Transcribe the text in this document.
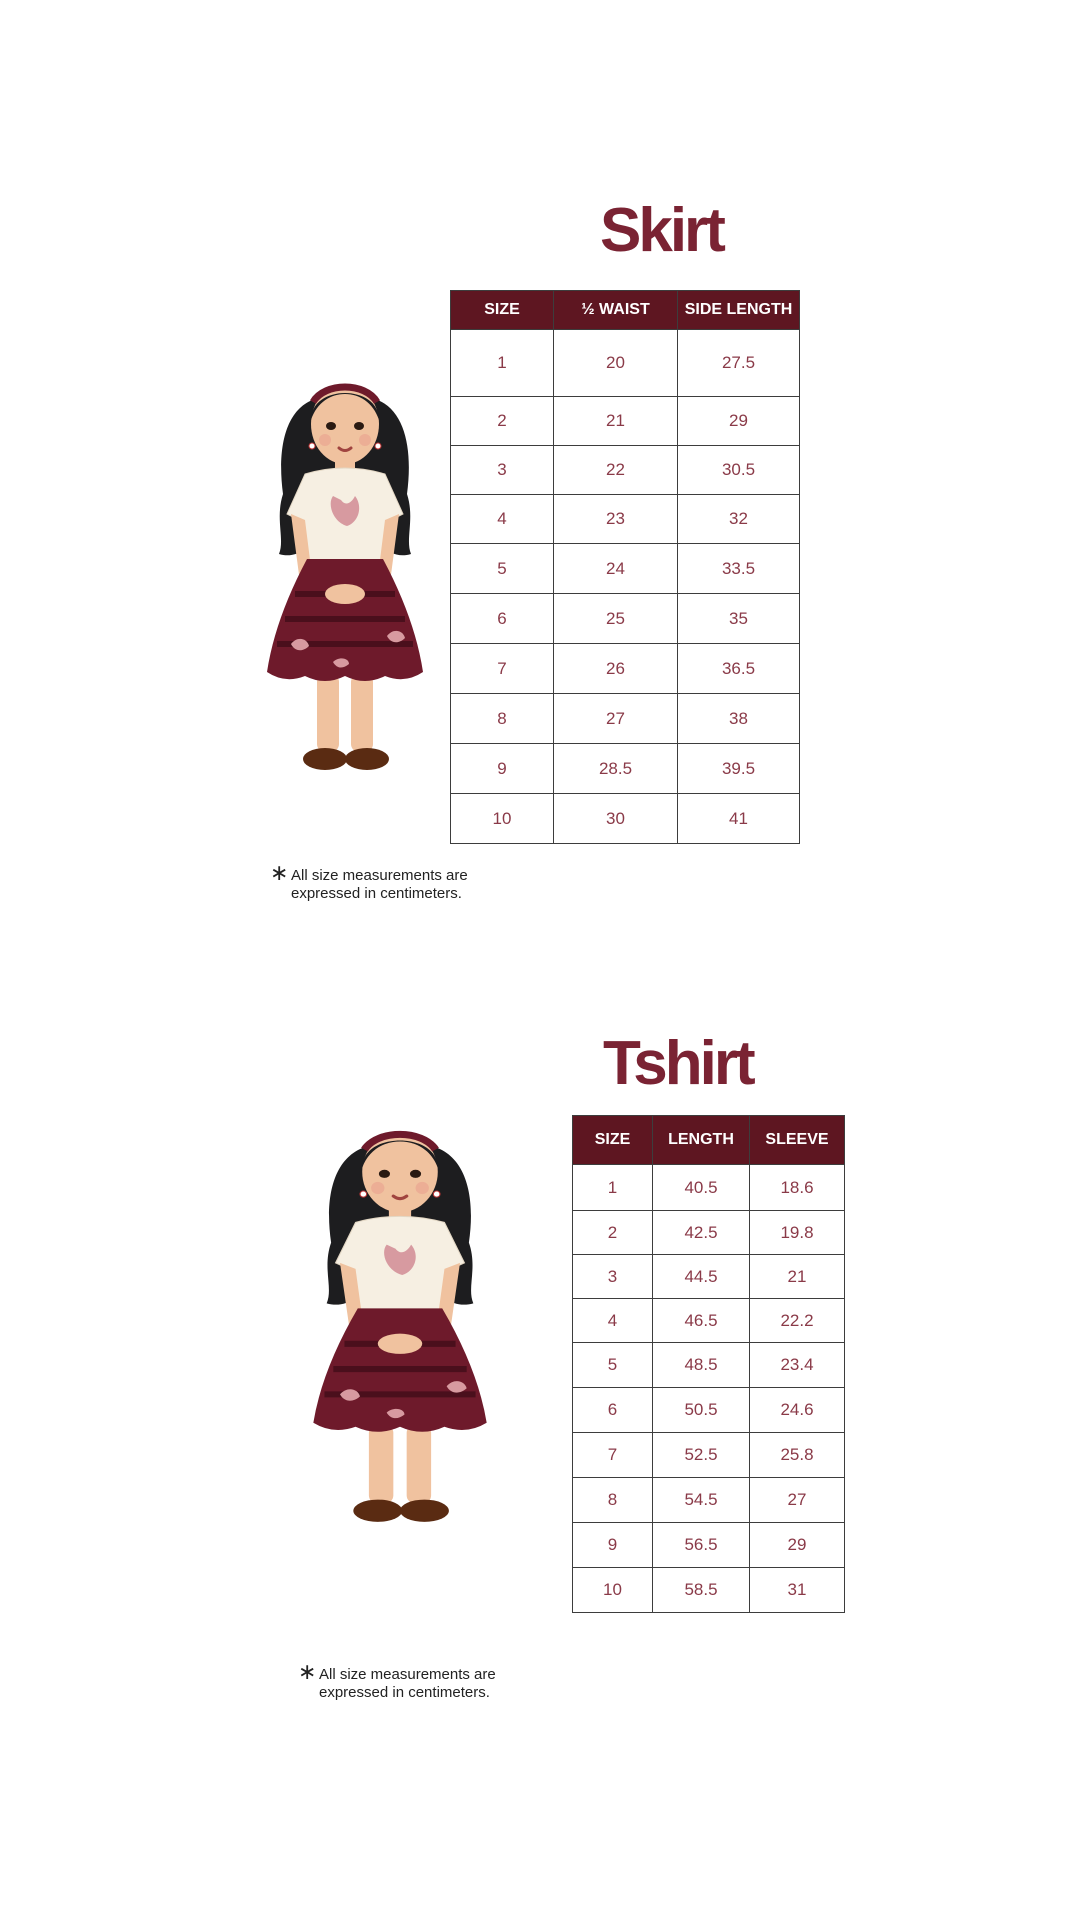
Skirt
SIZE	½ WAIST	SIDE LENGTH
1	20	27.5
2	21	29
3	22	30.5
4	23	32
5	24	33.5
6	25	35
7	26	36.5
8	27	38
9	28.5	39.5
10	30	41
∗ All size measurements are
expressed in centimeters.
Tshirt
SIZE	LENGTH	SLEEVE
1	40.5	18.6
2	42.5	19.8
3	44.5	21
4	46.5	22.2
5	48.5	23.4
6	50.5	24.6
7	52.5	25.8
8	54.5	27
9	56.5	29
10	58.5	31
∗ All size measurements are
expressed in centimeters.
